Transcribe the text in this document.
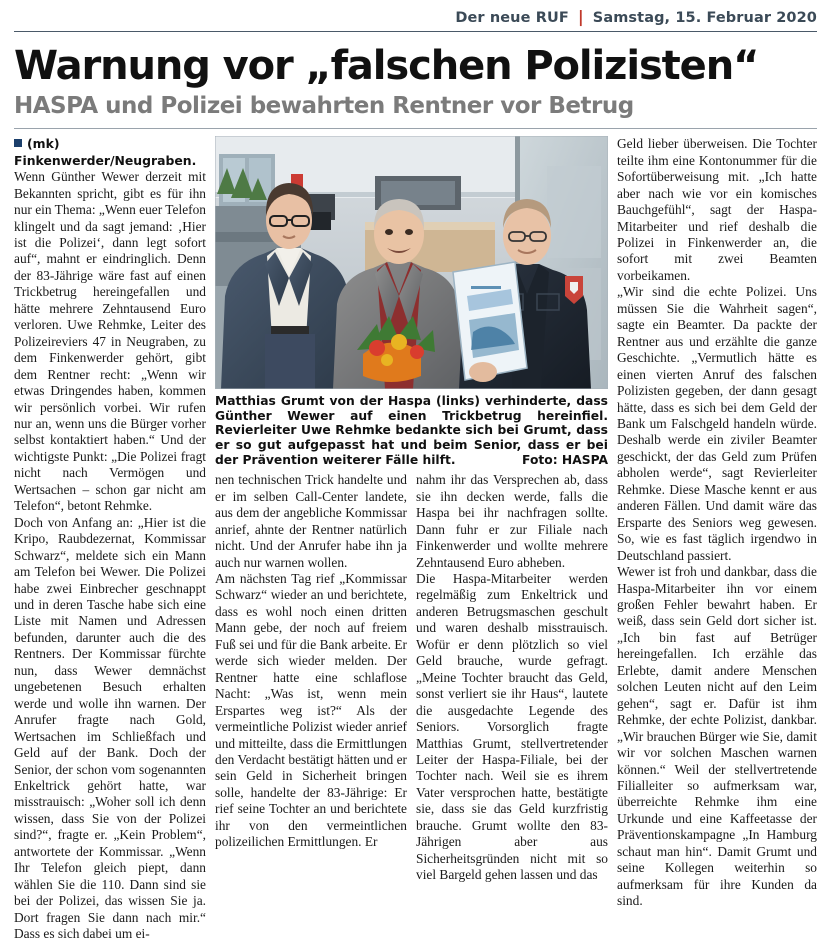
Der neue RUF | Samstag, 15. Februar 2020
Warnung vor „falschen Polizisten“
HASPA und Polizei bewahrten Rentner vor Betrug

(mk) Finkenwerder/Neugraben. Wenn Günther Wewer derzeit mit Bekannten spricht, gibt es für ihn nur ein Thema: „Wenn euer Telefon klingelt und da sagt jemand: ‚Hier ist die Polizei‘, dann legt sofort auf“, mahnt er eindringlich. Denn der 83-Jährige wäre fast auf einen Trickbetrug hereingefallen und hätte mehrere Zehntausend Euro verloren. Uwe Rehmke, Leiter des Polizeireviers 47 in Neugraben, zu dem Finkenwerder gehört, gibt dem Rentner recht: „Wenn wir etwas Dringendes haben, kommen wir persönlich vorbei. Wir rufen nur an, wenn uns die Bürger vorher selbst kontaktiert haben.“ Und der wichtigste Punkt: „Die Polizei fragt nicht nach Vermögen und Wertsachen – schon gar nicht am Telefon“, betont Rehmke.

Doch von Anfang an: „Hier ist die Kripo, Raubdezernat, Kommissar Schwarz“, meldete sich ein Mann am Telefon bei Wewer. Die Polizei habe zwei Einbrecher geschnappt und in deren Tasche habe sich eine Liste mit Namen und Adressen befunden, darunter auch die des Rentners. Der Kommissar fürchte nun, dass Wewer demnächst ungebetenen Besuch erhalten werde und wolle ihn warnen. Der Anrufer fragte nach Gold, Wertsachen im Schließfach und Geld auf der Bank. Doch der Senior, der schon vom sogenannten Enkeltrick gehört hatte, war misstrauisch: „Woher soll ich denn wissen, dass Sie von der Polizei sind?“, fragte er. „Kein Problem“, antwortete der Kommissar. „Wenn Ihr Telefon gleich piept, dann wählen Sie die 110. Dann sind sie bei der Polizei, das wissen Sie ja. Dort fragen Sie dann nach mir.“ Dass es sich dabei um ei-

Matthias Grumt von der Haspa (links) verhinderte, dass Günther Wewer auf einen Trickbetrug hereinfiel. Revierleiter Uwe Rehmke bedankte sich bei Grumt, dass er so gut aufgepasst hat und beim Senior, dass er bei der Prävention weiterer Fälle hilft.	Foto: HASPA

nen technischen Trick handelte und er im selben Call-Center landete, aus dem der angebliche Kommissar anrief, ahnte der Rentner natürlich nicht. Und der Anrufer habe ihn ja auch nur warnen wollen.

Am nächsten Tag rief „Kommissar Schwarz“ wieder an und berichtete, dass es wohl noch einen dritten Mann gebe, der noch auf freiem Fuß sei und für die Bank arbeite. Er werde sich wieder melden. Der Rentner hatte eine schlaflose Nacht: „Was ist, wenn mein Erspartes weg ist?“ Als der vermeintliche Polizist wieder anrief und mitteilte, dass die Ermittlungen den Verdacht bestätigt hätten und er sein Geld in Sicherheit bringen solle, handelte der 83-Jährige: Er rief seine Tochter an und berichtete ihr von den vermeintlichen polizeilichen Ermittlungen. Er

nahm ihr das Versprechen ab, dass sie ihn decken werde, falls die Haspa bei ihr nachfragen sollte. Dann fuhr er zur Filiale nach Finkenwerder und wollte mehrere Zehntausend Euro abheben.

Die Haspa-Mitarbeiter werden regelmäßig zum Enkeltrick und anderen Betrugsmaschen geschult und waren deshalb misstrauisch. Wofür er denn plötzlich so viel Geld brauche, wurde gefragt. „Meine Tochter braucht das Geld, sonst verliert sie ihr Haus“, lautete die ausgedachte Legende des Seniors. Vorsorglich fragte Matthias Grumt, stellvertretender Leiter der Haspa-Filiale, bei der Tochter nach. Weil sie es ihrem Vater versprochen hatte, bestätigte sie, dass sie das Geld kurzfristig brauche. Grumt wollte den 83-Jährigen aber aus Sicherheitsgründen nicht mit so viel Bargeld gehen lassen und das

Geld lieber überweisen. Die Tochter teilte ihm eine Kontonummer für die Sofortüberweisung mit. „Ich hatte aber nach wie vor ein komisches Bauchgefühl“, sagt der Haspa-Mitarbeiter und rief deshalb die Polizei in Finkenwerder an, die sofort mit zwei Beamten vorbeikamen.

„Wir sind die echte Polizei. Uns müssen Sie die Wahrheit sagen“, sagte ein Beamter. Da packte der Rentner aus und erzählte die ganze Geschichte. „Vermutlich hätte es einen vierten Anruf des falschen Polizisten gegeben, der dann gesagt hätte, dass es sich bei dem Geld der Bank um Falschgeld handeln würde. Deshalb werde ein ziviler Beamter geschickt, der das Geld zum Prüfen abholen werde“, sagt Revierleiter Rehmke. Diese Masche kennt er aus anderen Fällen. Und damit wäre das Ersparte des Seniors weg gewesen. So, wie es fast täglich irgendwo in Deutschland passiert.

Wewer ist froh und dankbar, dass die Haspa-Mitarbeiter ihn vor einem großen Fehler bewahrt haben. Er weiß, dass sein Geld dort sicher ist. „Ich bin fast auf Betrüger hereingefallen. Ich erzähle das Erlebte, damit andere Menschen solchen Leuten nicht auf den Leim gehen“, sagt er. Dafür ist ihm Rehmke, der echte Polizist, dankbar. „Wir brauchen Bürger wie Sie, damit wir vor solchen Maschen warnen können.“ Weil der stellvertretende Filialleiter so aufmerksam war, überreichte Rehmke ihm eine Urkunde und eine Kaffeetasse der Präventionskampagne „In Hamburg schaut man hin“. Damit Grumt und seine Kollegen weiterhin so aufmerksam für ihre Kunden da sind.
